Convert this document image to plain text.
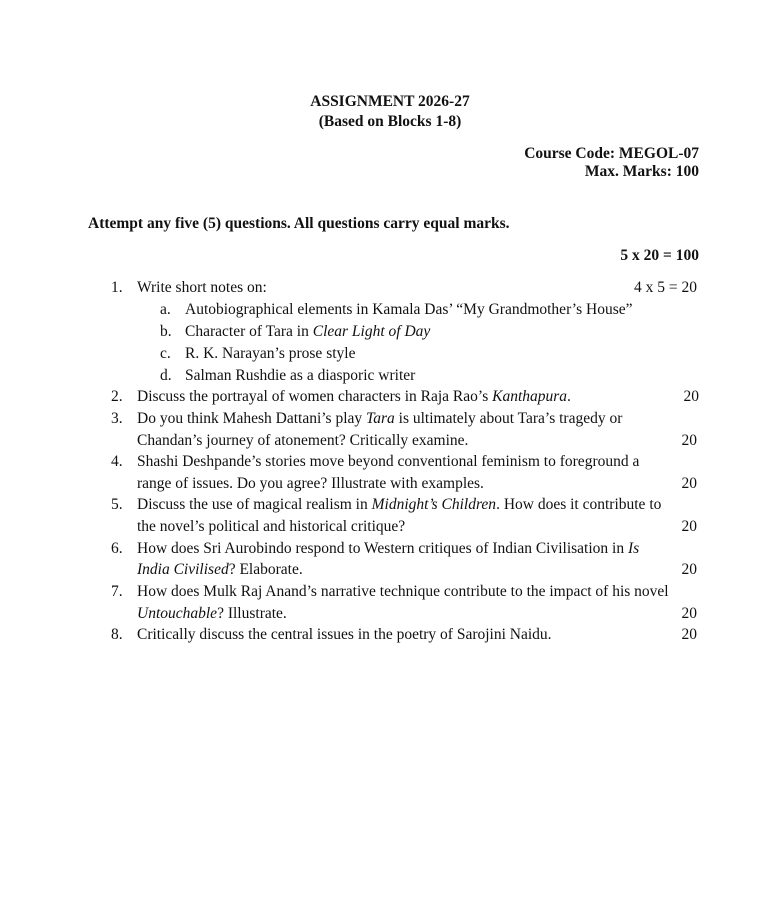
ASSIGNMENT 2026-27
(Based on Blocks 1-8)
Course Code: MEGOL-07
Max. Marks: 100
Attempt any five (5) questions. All questions carry equal marks.
5 x 20 = 100
1. Write short notes on:	4 x 5 = 20
a. Autobiographical elements in Kamala Das’ “My Grandmother’s House”
b. Character of Tara in Clear Light of Day
c. R. K. Narayan’s prose style
d. Salman Rushdie as a diasporic writer
2. Discuss the portrayal of women characters in Raja Rao’s Kanthapura.	20
3. Do you think Mahesh Dattani’s play Tara is ultimately about Tara’s tragedy or
Chandan’s journey of atonement? Critically examine.	20
4. Shashi Deshpande’s stories move beyond conventional feminism to foreground a
range of issues. Do you agree? Illustrate with examples.	20
5. Discuss the use of magical realism in Midnight’s Children. How does it contribute to
the novel’s political and historical critique?	20
6. How does Sri Aurobindo respond to Western critiques of Indian Civilisation in Is
India Civilised? Elaborate.	20
7. How does Mulk Raj Anand’s narrative technique contribute to the impact of his novel
Untouchable? Illustrate.	20
8. Critically discuss the central issues in the poetry of Sarojini Naidu.	20
